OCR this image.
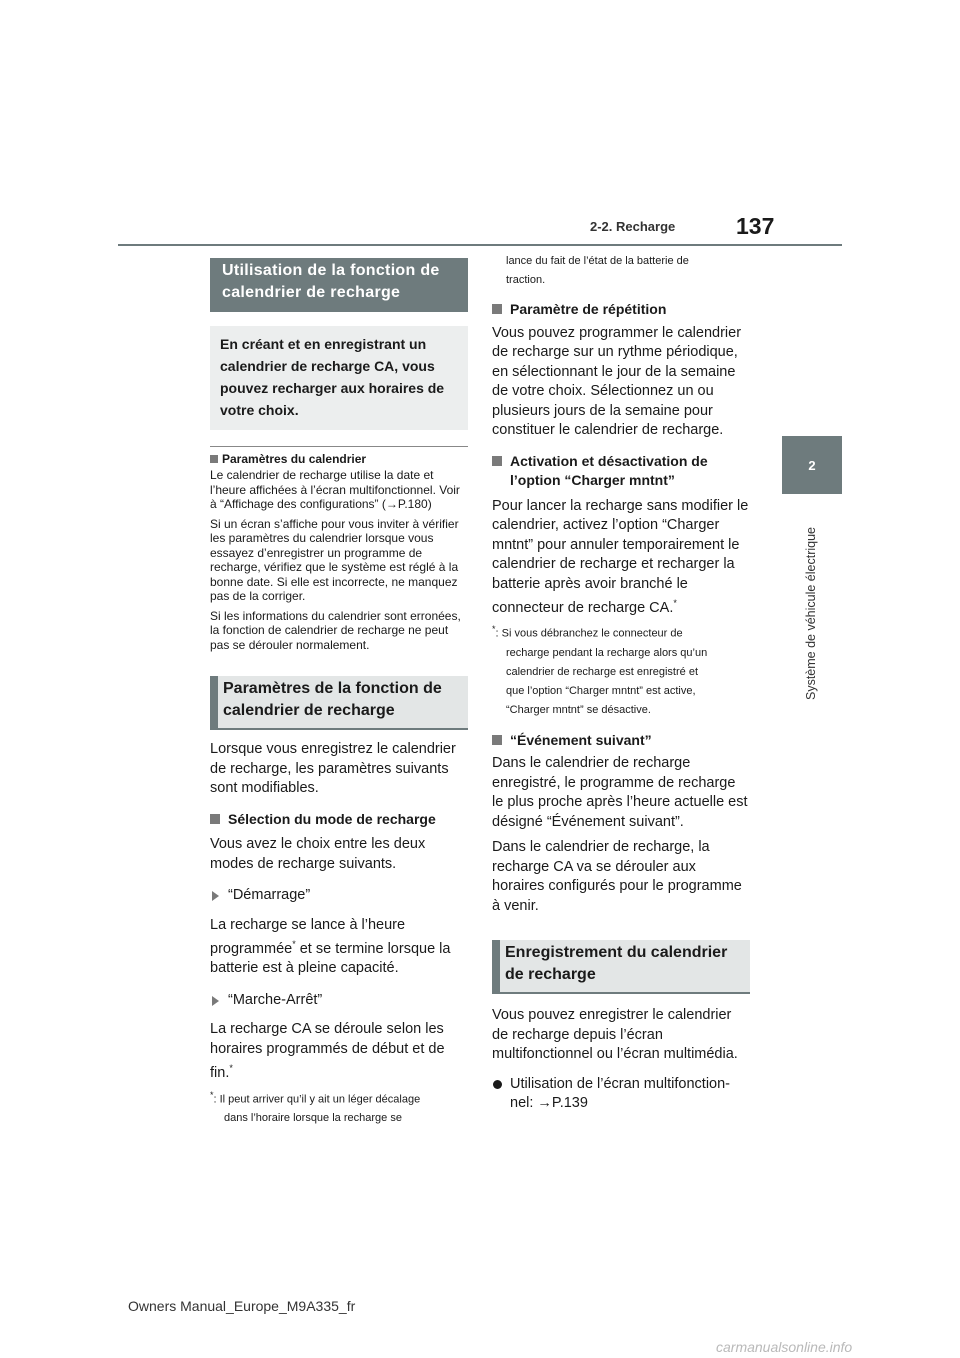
2-2. Recharge	137
2
Système de véhicule électrique
Utilisation de la fonction de calendrier de recharge
En créant et en enregistrant un calendrier de recharge CA, vous pouvez recharger aux horaires de votre choix.
Paramètres du calendrier

Le calendrier de recharge utilise la date et l’heure affichées à l’écran multifonctionnel. Voir à “Affichage des configurations” (→P.180)

Si un écran s’affiche pour vous inviter à vérifier les paramètres du calendrier lorsque vous essayez d’enregistrer un programme de recharge, vérifiez que le système est réglé à la bonne date. Si elle est incorrecte, ne manquez pas de la corriger.

Si les informations du calendrier sont erronées, la fonction de calendrier de recharge ne peut pas se dérouler normalement.

Paramètres de la fonction de calendrier de recharge

Lorsque vous enregistrez le calendrier de recharge, les paramètres suivants sont modifiables.

Sélection du mode de recharge

Vous avez le choix entre les deux modes de recharge suivants.

“Démarrage”

La recharge se lance à l’heure programmée* et se termine lorsque la batterie est à pleine capacité.

“Marche-Arrêt”

La recharge CA se déroule selon les horaires programmés de début et de fin.*

*: Il peut arriver qu’il y ait un léger décalage
dans l’horaire lorsque la recharge se
lance du fait de l’état de la batterie de
traction.
Paramètre de répétition

Vous pouvez programmer le calendrier de recharge sur un rythme périodique, en sélectionnant le jour de la semaine de votre choix. Sélectionnez un ou plusieurs jours de la semaine pour constituer le calendrier de recharge.

Activation et désactivation de l’option “Charger mntnt”

Pour lancer la recharge sans modifier le calendrier, activez l’option “Charger mntnt” pour annuler temporairement le calendrier de recharge et recharger la batterie après avoir branché le connecteur de recharge CA.*

*: Si vous débranchez le connecteur de
recharge pendant la recharge alors qu’un
calendrier de recharge est enregistré et
que l’option “Charger mntnt” est active,
“Charger mntnt” se désactive.
“Événement suivant”

Dans le calendrier de recharge enregistré, le programme de recharge le plus proche après l’heure actuelle est désigné “Événement suivant”.

Dans le calendrier de recharge, la recharge CA va se dérouler aux horaires configurés pour le programme à venir.

Enregistrement du calendrier de recharge

Vous pouvez enregistrer le calendrier de recharge depuis l’écran multifonctionnel ou l’écran multimédia.

Utilisation de l’écran multifonction-nel: →P.139
Owners Manual_Europe_M9A335_fr
carmanualsonline.info
